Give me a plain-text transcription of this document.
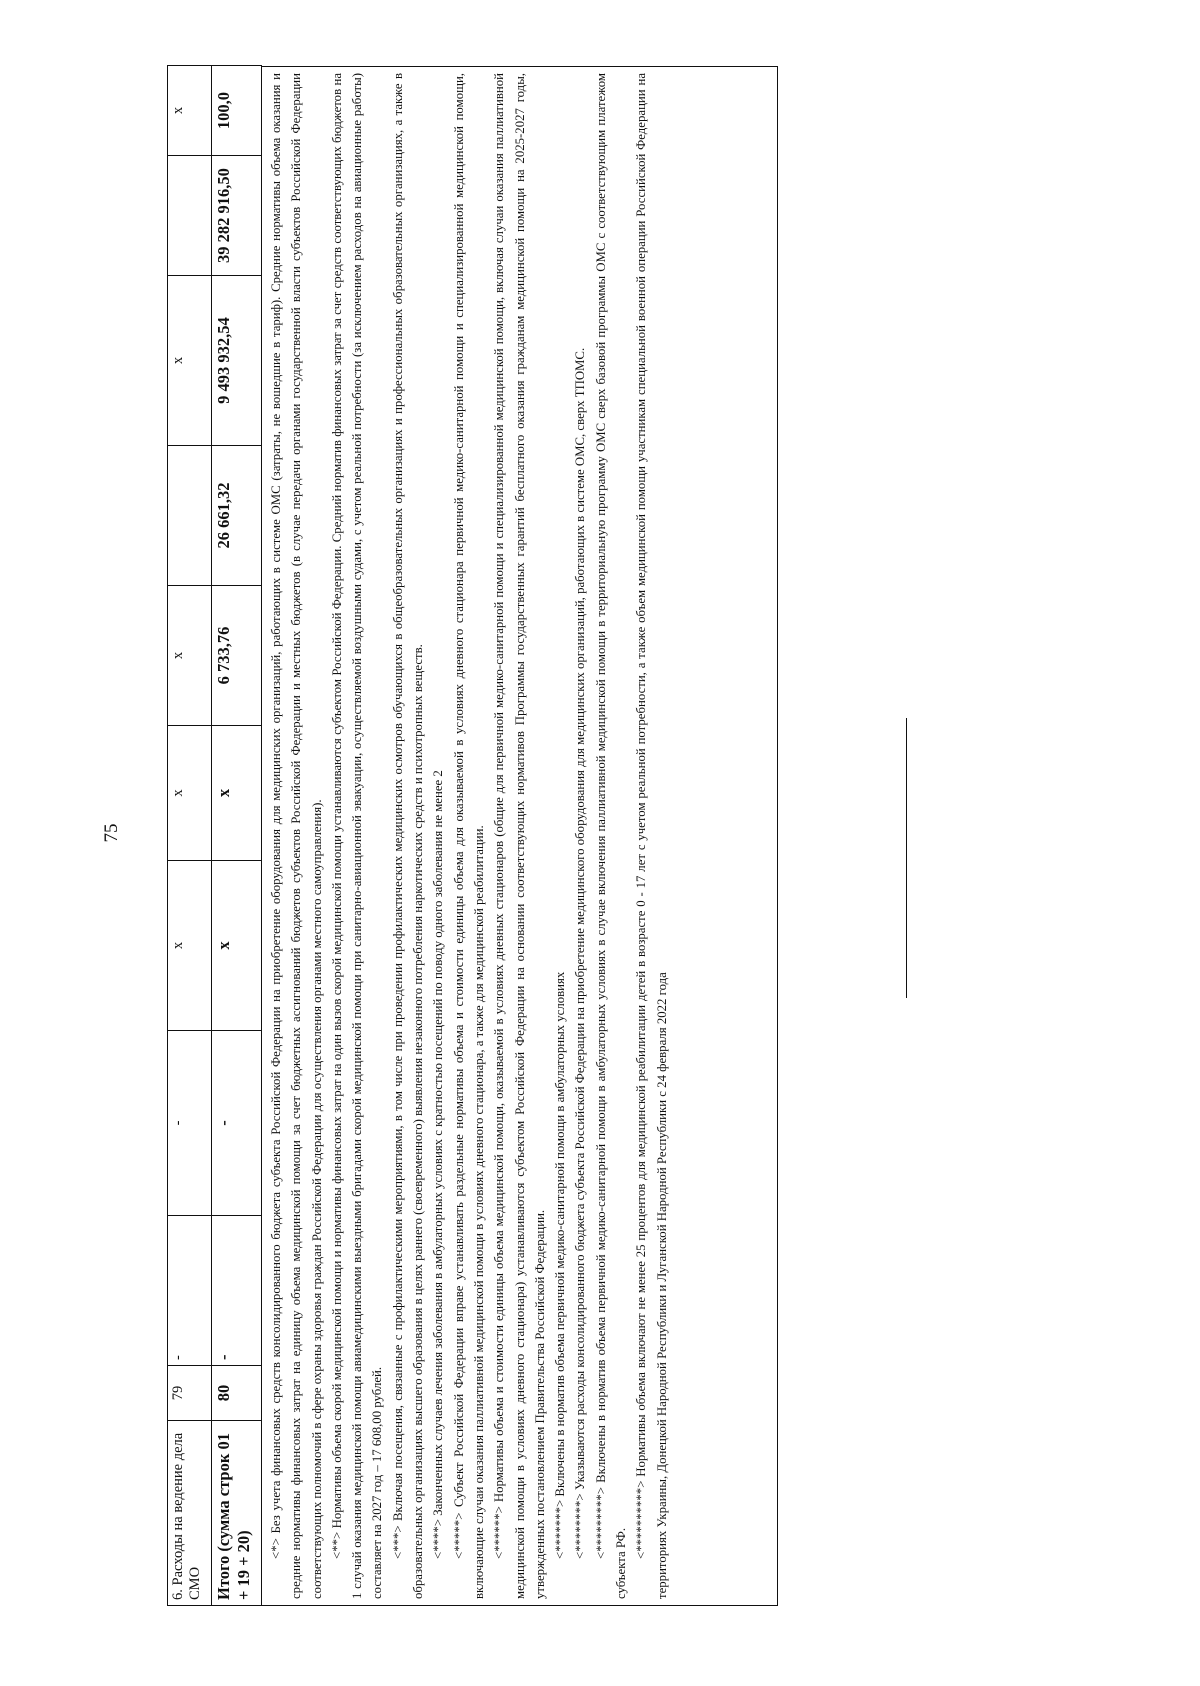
75
6. Расходы на ведение дела СМО	79	-	-	x	x	x		x		x
Итого (сумма строк 01 + 19 + 20)	80	-	-	x	x	6 733,76	26 661,32	9 493 932,54	39 282 916,50	100,0	<*> Без учета финансовых средств консолидированного бюджета субъекта Российской Федерации на приобретение оборудования для медицинских организаций, работающих в системе ОМС (затраты, не вошедшие в тариф). Средние нормативы объема оказания и средние нормативы финансовых затрат на единицу объема медицинской помощи за счет бюджетных ассигнований бюджетов субъектов Российской Федерации и местных бюджетов (в случае передачи органами государственной власти субъектов Российской Федерации соответствующих полномочий в сфере охраны здоровья граждан Российской Федерации для осуществления органами местного самоуправления). <**> Нормативы объема скорой медицинской помощи и нормативы финансовых затрат на один вызов скорой медицинской помощи устанавливаются субъектом Российской Федерации. Средний норматив финансовых затрат за счет средств соответствующих бюджетов на 1 случай оказания медицинской помощи авиамедицинскими выездными бригадами скорой медицинской помощи при санитарно-авиационной эвакуации, осуществляемой воздушными судами, с учетом реальной потребности (за исключением расходов на авиационные работы) составляет на 2027 год – 17 608,00 рублей. <***> Включая посещения, связанные с профилактическими мероприятиями, в том числе при проведении профилактических медицинских осмотров обучающихся в общеобразовательных организациях и профессиональных образовательных организациях, а также в образовательных организациях высшего образования в целях раннего (своевременного) выявления незаконного потребления наркотических средств и психотропных веществ. <****> Законченных случаев лечения заболевания в амбулаторных условиях с кратностью посещений по поводу одного заболевания не менее 2 <*****> Субъект Российской Федерации вправе устанавливать раздельные нормативы объема и стоимости единицы объема для оказываемой в условиях дневного стационара первичной медико-санитарной помощи и специализированной медицинской помощи, включающие случаи оказания паллиативной медицинской помощи в условиях дневного стационара, а также для медицинской реабилитации. <******> Нормативы объема и стоимости единицы объема медицинской помощи, оказываемой в условиях дневных стационаров (общие для первичной медико-санитарной помощи и специализированной медицинской помощи, включая случаи оказания паллиативной медицинской помощи в условиях дневного стационара) устанавливаются субъектом Российской Федерации на основании соответствующих нормативов Программы государственных гарантий бесплатного оказания гражданам медицинской помощи на 2025-2027 годы, утвержденных постановлением Правительства Российской Федерации. <*******> Включены в норматив объема первичной медико-санитарной помощи в амбулаторных условиях <********> Указываются расходы консолидированного бюджета субъекта Российской Федерации на приобретение медицинского оборудования для медицинских организаций, работающих в системе ОМС, сверх ТПОМС. <*********> Включены в норматив объема первичной медико-санитарной помощи в амбулаторных условиях в случае включения паллиативной медицинской помощи в территориальную программу ОМС сверх базовой программы ОМС с соответствующим платежом субъекта РФ.

<**********> Нормативы объема включают не менее 25 процентов для медицинской реабилитации детей в возрасте 0 - 17 лет с учетом реальной потребности, а также объем медицинской помощи участникам специальной военной операции Российской Федерации на территориях Украины, Донецкой Народной Республики и Луганской Народной Республики с 24 февраля 2022 года
